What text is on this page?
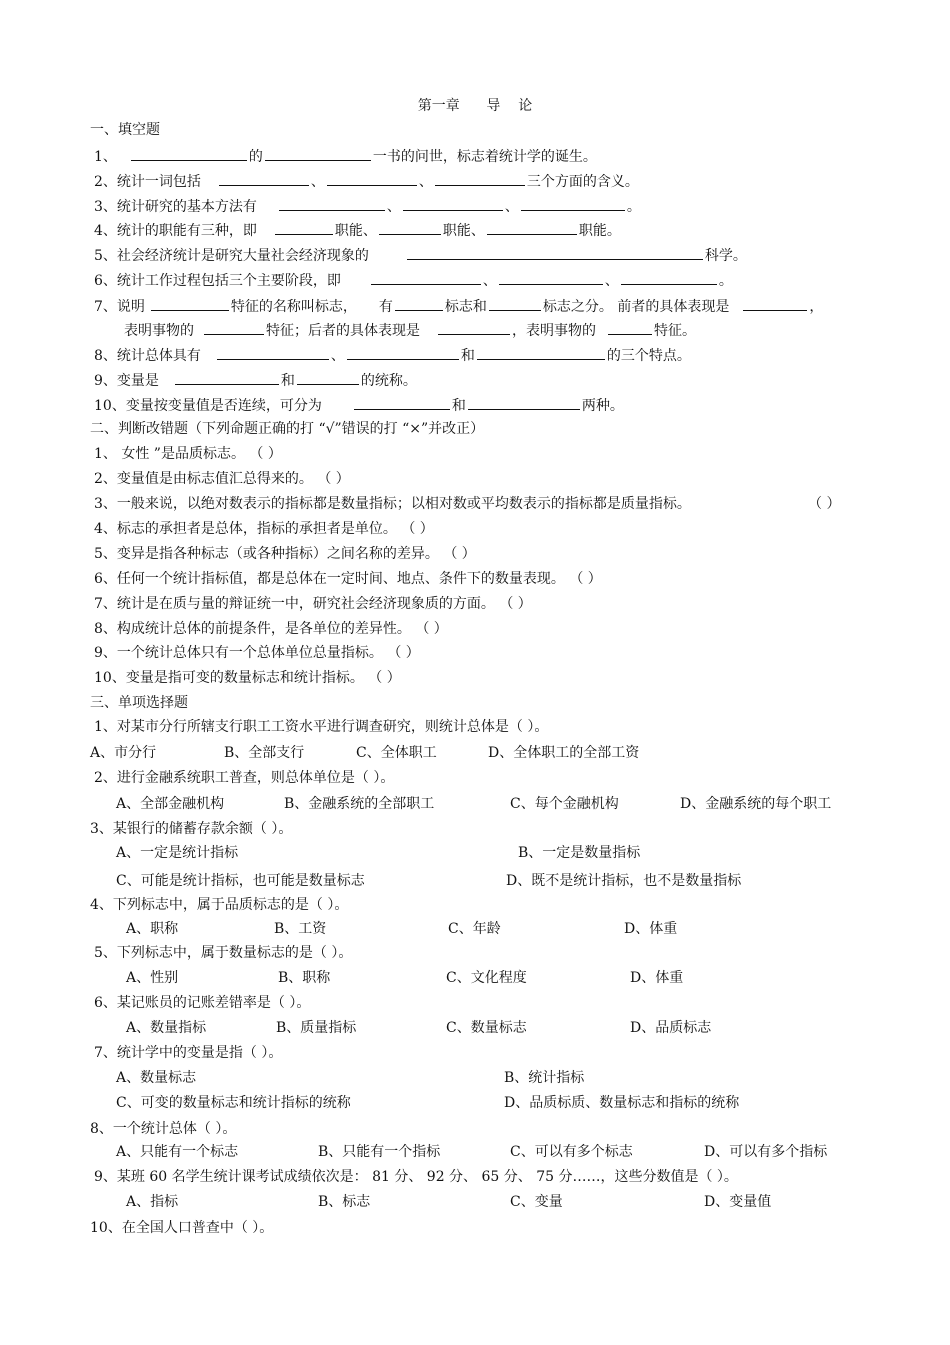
第一章      导    论
一、填空题
1、	的	一书的问世，标志着统计学的诞生。
2、统计一词包括	、	、	三个方面的含义。
3、统计研究的基本方法有	、	、	。
4、统计的职能有三种，即	职能、	职能、	职能。
5、社会经济统计是研究大量社会经济现象的	科学。
6、统计工作过程包括三个主要阶段，即	、	、	。
7、说明	特征的名称叫标志， 有	标志和	标志之分。 前者的具体表现是	，
表明事物的	特征；后者的具体表现是	，表明事物的	特征。
8、统计总体具有	、	和	的三个特点。
9、变量是	和	的统称。
10、变量按变量值是否连续，可分为	和	两种。
二、判断改错题（下列命题正确的打 “√”错误的打 “×”并改正）
1、 女性 ”是品质标志。 （ ）
2、变量值是由标志值汇总得来的。 （ ）
3、一般来说，以绝对数表示的指标都是数量指标；以相对数或平均数表示的指标都是质量指标。	（ ）
4、标志的承担者是总体，指标的承担者是单位。 （ ）
5、变异是指各种标志（或各种指标）之间名称的差异。 （ ）
6、任何一个统计指标值，都是总体在一定时间、地点、条件下的数量表现。 （ ）
7、统计是在质与量的辩证统一中，研究社会经济现象质的方面。 （ ）
8、构成统计总体的前提条件，是各单位的差异性。 （ ）
9、一个统计总体只有一个总体单位总量指标。 （ ）
10、变量是指可变的数量标志和统计指标。 （ ）
三、单项选择题
1、对某市分行所辖支行职工工资水平进行调查研究，则统计总体是（ ）。
A、市分行	B、全部支行	C、全体职工	D、全体职工的全部工资
2、进行金融系统职工普查，则总体单位是（ ）。
A、全部金融机构	B、金融系统的全部职工	C、每个金融机构	D、金融系统的每个职工
3、某银行的储蓄存款余额（ ）。
A、一定是统计指标	B、一定是数量指标
C、可能是统计指标，也可能是数量标志	D、既不是统计指标，也不是数量指标
4、下列标志中，属于品质标志的是（ ）。
A、职称	B、工资	C、年龄	D、体重
5、下列标志中，属于数量标志的是（ ）。
A、性别	B、职称	C、文化程度	D、体重
6、某记账员的记账差错率是（ ）。
A、数量指标	B、质量指标	C、数量标志	D、品质标志
7、统计学中的变量是指（ ）。
A、数量标志	B、统计指标
C、可变的数量标志和统计指标的统称	D、品质标质、数量标志和指标的统称
8、一个统计总体（ ）。
A、只能有一个标志	B、只能有一个指标	C、可以有多个标志	D、可以有多个指标
9、某班 60 名学生统计课考试成绩依次是： 81 分、 92 分、 65 分、 75 分……，这些分数值是（ ）。
A、指标	B、标志	C、变量	D、变量值
10、在全国人口普查中（ ）。
